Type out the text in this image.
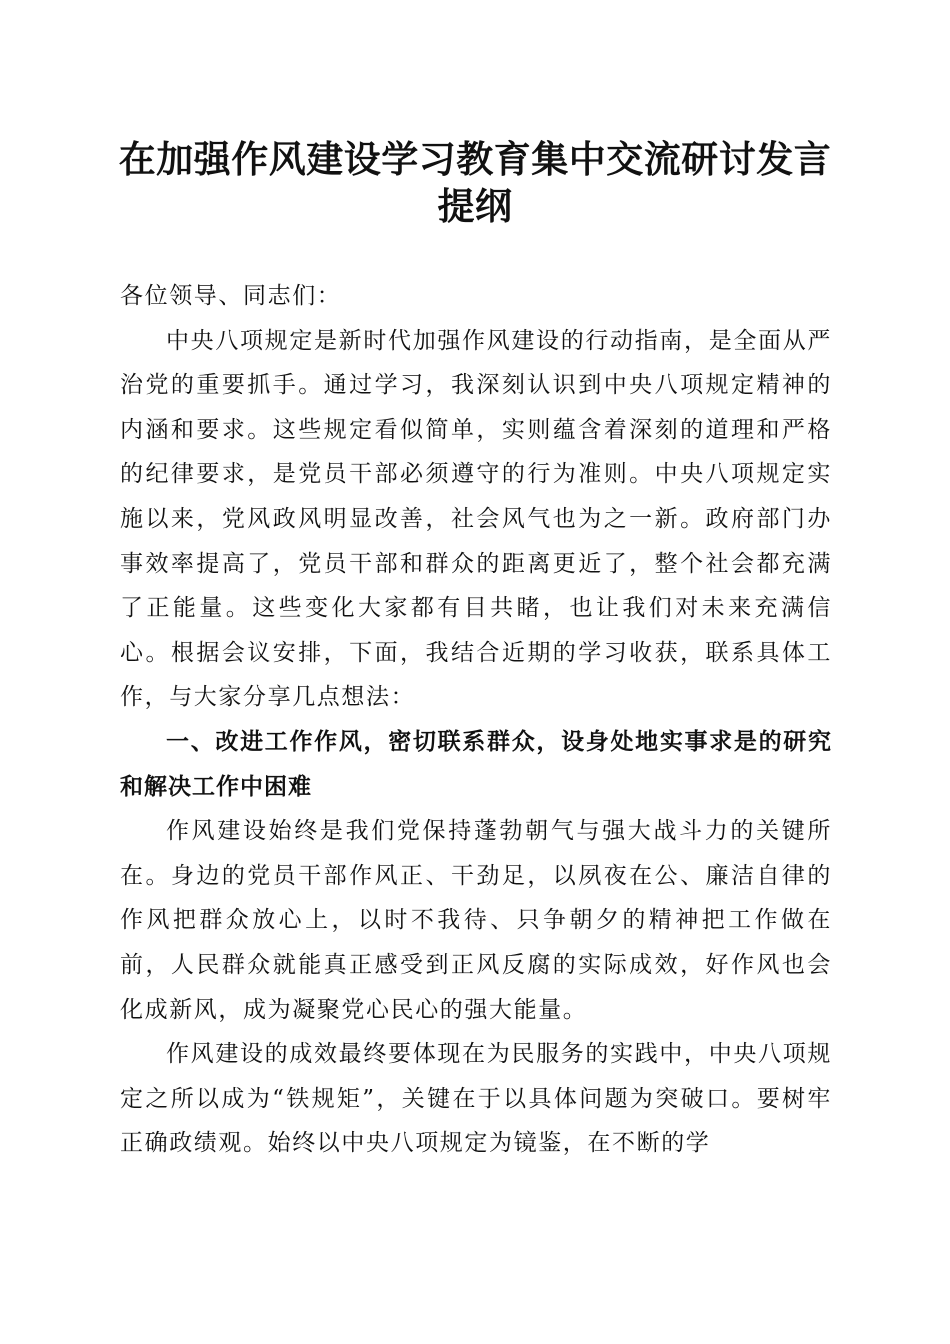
在加强作风建设学习教育集中交流研讨发言提纲

各位领导、同志们：

中央八项规定是新时代加强作风建设的行动指南，是全面从严治党的重要抓手。通过学习，我深刻认识到中央八项规定精神的内涵和要求。这些规定看似简单，实则蕴含着深刻的道理和严格的纪律要求，是党员干部必须遵守的行为准则。中央八项规定实施以来，党风政风明显改善，社会风气也为之一新。政府部门办事效率提高了，党员干部和群众的距离更近了，整个社会都充满了正能量。这些变化大家都有目共睹，也让我们对未来充满信心。根据会议安排，下面，我结合近期的学习收获，联系具体工作，与大家分享几点想法：

一、改进工作作风，密切联系群众，设身处地实事求是的研究和解决工作中困难

作风建设始终是我们党保持蓬勃朝气与强大战斗力的关键所在。身边的党员干部作风正、干劲足，以夙夜在公、廉洁自律的作风把群众放心上，以时不我待、只争朝夕的精神把工作做在前，人民群众就能真正感受到正风反腐的实际成效，好作风也会化成新风，成为凝聚党心民心的强大能量。

作风建设的成效最终要体现在为民服务的实践中，中央八项规定之所以成为“铁规矩”，关键在于以具体问题为突破口。要树牢正确政绩观。始终以中央八项规定为镜鉴，在不断的学
